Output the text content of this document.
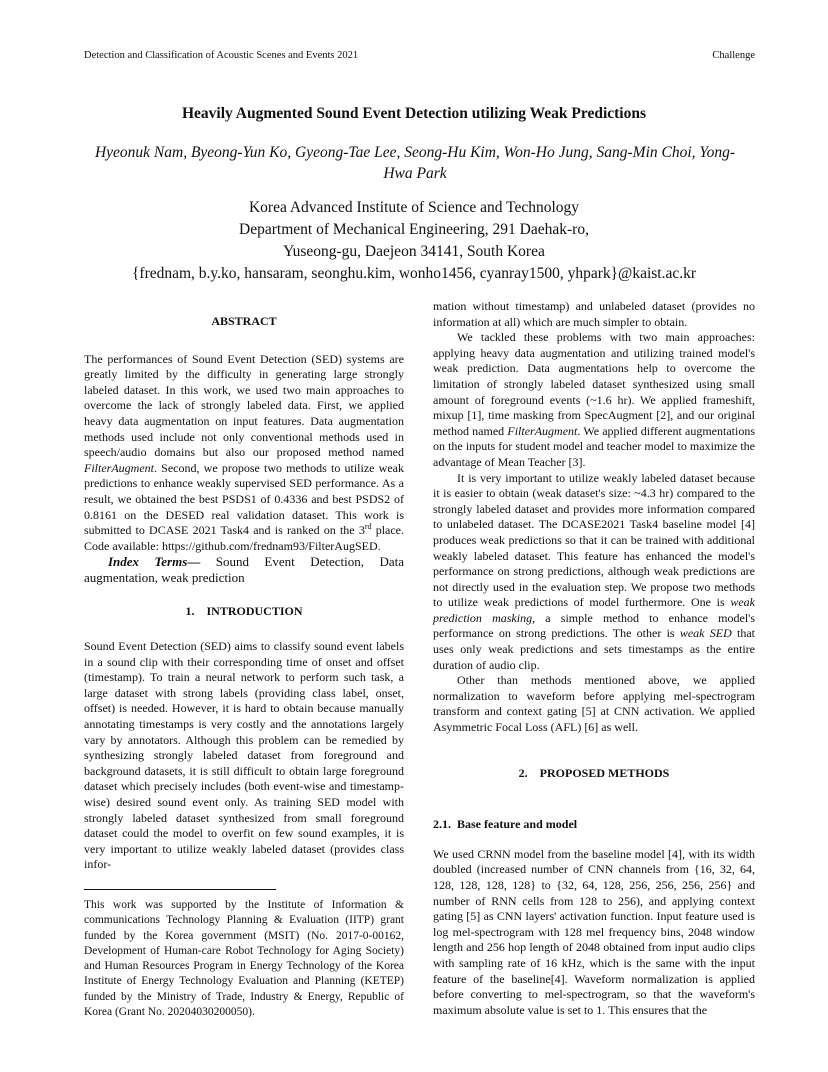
Detection and Classification of Acoustic Scenes and Events 2021	Challenge
Heavily Augmented Sound Event Detection utilizing Weak Predictions
Hyeonuk Nam, Byeong-Yun Ko, Gyeong-Tae Lee, Seong-Hu Kim, Won-Ho Jung, Sang-Min Choi, Yong-Hwa Park
Korea Advanced Institute of Science and Technology
Department of Mechanical Engineering, 291 Daehak-ro,
Yuseong-gu, Daejeon 34141, South Korea
{frednam, b.y.ko, hansaram, seonghu.kim, wonho1456, cyanray1500, yhpark}@kaist.ac.kr
ABSTRACT

The performances of Sound Event Detection (SED) systems are greatly limited by the difficulty in generating large strongly labeled dataset. In this work, we used two main approaches to overcome the lack of strongly labeled data. First, we applied heavy data augmentation on input features. Data augmentation methods used include not only conventional methods used in speech/audio domains but also our proposed method named FilterAugment. Second, we propose two methods to utilize weak predictions to enhance weakly supervised SED performance. As a result, we obtained the best PSDS1 of 0.4336 and best PSDS2 of 0.8161 on the DESED real validation dataset. This work is submitted to DCASE 2021 Task4 and is ranked on the 3rd place. Code available: https://github.com/frednam93/FilterAugSED.

Index Terms— Sound Event Detection, Data augmentation, weak prediction

1.    INTRODUCTION

Sound Event Detection (SED) aims to classify sound event labels in a sound clip with their corresponding time of onset and offset (timestamp). To train a neural network to perform such task, a large dataset with strong labels (providing class label, onset, offset) is needed. However, it is hard to obtain because manually annotating timestamps is very costly and the annotations largely vary by annotators. Although this problem can be remedied by synthesizing strongly labeled dataset from foreground and background datasets, it is still difficult to obtain large foreground dataset which precisely includes (both event-wise and timestamp-wise) desired sound event only. As training SED model with strongly labeled dataset synthesized from small foreground dataset could the model to overfit on few sound examples, it is very important to utilize weakly labeled dataset (provides class infor-

This work was supported by the Institute of Information & communications Technology Planning & Evaluation (IITP) grant funded by the Korea government (MSIT) (No. 2017-0-00162, Development of Human-care Robot Technology for Aging Society) and Human Resources Program in Energy Technology of the Korea Institute of Energy Technology Evaluation and Planning (KETEP) funded by the Ministry of Trade, Industry & Energy, Republic of Korea (Grant No. 20204030200050).

mation without timestamp) and unlabeled dataset (provides no information at all) which are much simpler to obtain.

We tackled these problems with two main approaches: applying heavy data augmentation and utilizing trained model's weak prediction. Data augmentations help to overcome the limitation of strongly labeled dataset synthesized using small amount of foreground events (~1.6 hr). We applied frameshift, mixup [1], time masking from SpecAugment [2], and our original method named FilterAugment. We applied different augmentations on the inputs for student model and teacher model to maximize the advantage of Mean Teacher [3].

It is very important to utilize weakly labeled dataset because it is easier to obtain (weak dataset's size: ~4.3 hr) compared to the strongly labeled dataset and provides more information compared to unlabeled dataset. The DCASE2021 Task4 baseline model [4] produces weak predictions so that it can be trained with additional weakly labeled dataset. This feature has enhanced the model's performance on strong predictions, although weak predictions are not directly used in the evaluation step. We propose two methods to utilize weak predictions of model furthermore. One is weak prediction masking, a simple method to enhance model's performance on strong predictions. The other is weak SED that uses only weak predictions and sets timestamps as the entire duration of audio clip.

Other than methods mentioned above, we applied normalization to waveform before applying mel-spectrogram transform and context gating [5] at CNN activation. We applied Asymmetric Focal Loss (AFL) [6] as well.

2.    PROPOSED METHODS
2.1.  Base feature and model

We used CRNN model from the baseline model [4], with its width doubled (increased number of CNN channels from {16, 32, 64, 128, 128, 128, 128} to {32, 64, 128, 256, 256, 256, 256} and number of RNN cells from 128 to 256), and applying context gating [5] as CNN layers' activation function. Input feature used is log mel-spectrogram with 128 mel frequency bins, 2048 window length and 256 hop length of 2048 obtained from input audio clips with sampling rate of 16 kHz, which is the same with the input feature of the baseline[4]. Waveform normalization is applied before converting to mel-spectrogram, so that the waveform's maximum absolute value is set to 1. This ensures that the
